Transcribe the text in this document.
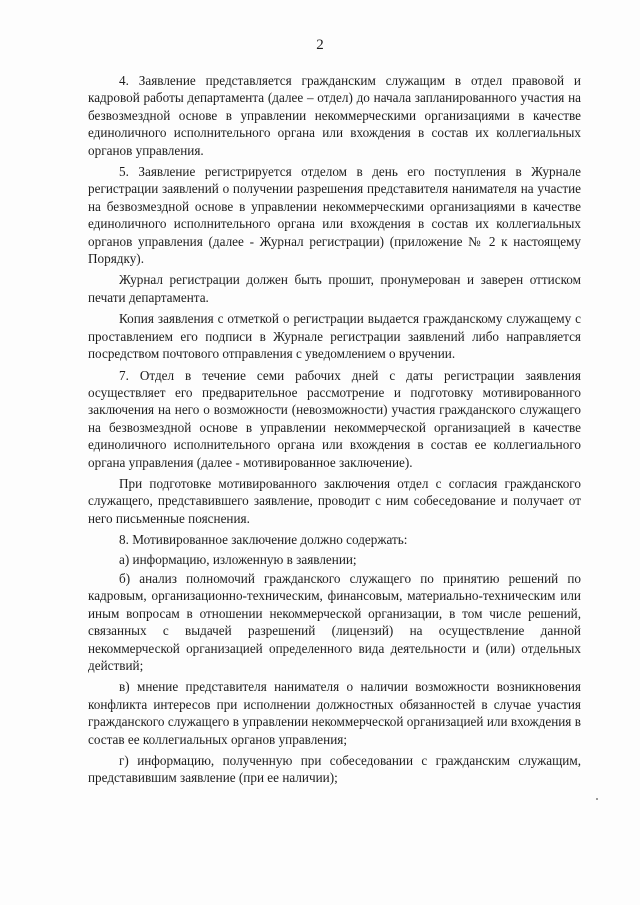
2

4. Заявление представляется гражданским служащим в отдел правовой и кадровой работы департамента (далее – отдел) до начала запланированного участия на безвозмездной основе в управлении некоммерческими организациями в качестве единоличного исполнительного органа или вхождения в состав их коллегиальных органов управления.

5. Заявление регистрируется отделом в день его поступления в Журнале регистрации заявлений о получении разрешения представителя нанимателя на участие на безвозмездной основе в управлении некоммерческими организациями в качестве единоличного исполнительного органа или вхождения в состав их коллегиальных органов управления (далее - Журнал регистрации) (приложение № 2 к настоящему Порядку).

Журнал регистрации должен быть прошит, пронумерован и заверен оттиском печати департамента.

Копия заявления с отметкой о регистрации выдается гражданскому служащему с проставлением его подписи в Журнале регистрации заявлений либо направляется посредством почтового отправления с уведомлением о вручении.

7. Отдел в течение семи рабочих дней с даты регистрации заявления осуществляет его предварительное рассмотрение и подготовку мотивированного заключения на него о возможности (невозможности) участия гражданского служащего на безвозмездной основе в управлении некоммерческой организацией в качестве единоличного исполнительного органа или вхождения в состав ее коллегиального органа управления (далее - мотивированное заключение).

При подготовке мотивированного заключения отдел с согласия гражданского служащего, представившего заявление, проводит с ним собеседование и получает от него письменные пояснения.

8. Мотивированное заключение должно содержать:

а) информацию, изложенную в заявлении;

б) анализ полномочий гражданского служащего по принятию решений по кадровым, организационно-техническим, финансовым, материально-техническим или иным вопросам в отношении некоммерческой организации, в том числе решений, связанных с выдачей разрешений (лицензий) на осуществление данной некоммерческой организацией определенного вида деятельности и (или) отдельных действий;

в) мнение представителя нанимателя о наличии возможности возникновения конфликта интересов при исполнении должностных обязанностей в случае участия гражданского служащего в управлении некоммерческой организацией или вхождения в состав ее коллегиальных органов управления;

г) информацию, полученную при собеседовании с гражданским служащим, представившим заявление (при ее наличии);
